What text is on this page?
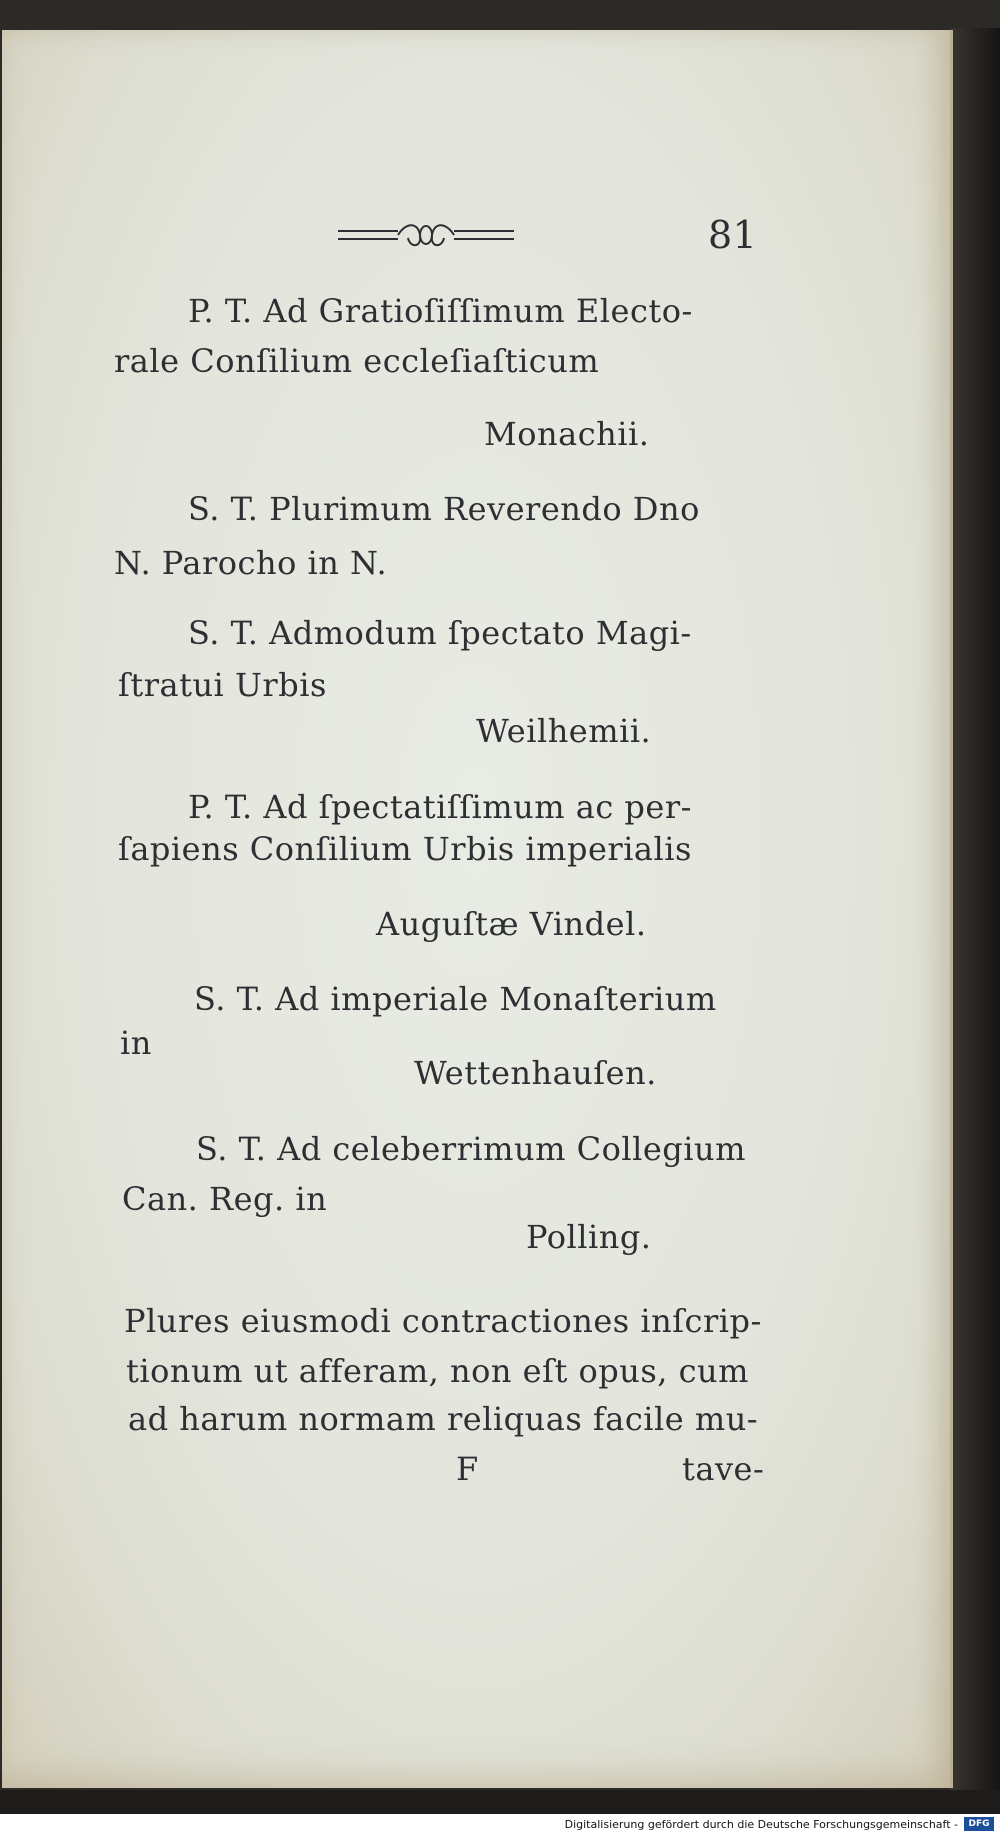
81
P. T. Ad Gratioſiſſimum Electo-
rale Conſilium eccleſiaſticum
Monachii.
S. T. Plurimum Reverendo Dno
N. Parocho in N.
S. T. Admodum ſpectato Magi-
ſtratui Urbis
Weilhemii.
P. T. Ad ſpectatiſſimum ac per-
ſapiens Conſilium Urbis imperialis
Auguſtæ Vindel.
S. T. Ad imperiale Monaſterium
in
Wettenhauſen.
S. T. Ad celeberrimum Collegium
Can. Reg. in
Polling.
Plures eiusmodi contractiones inſcrip-
tionum ut afferam, non eſt opus, cum
ad harum normam reliquas facile mu-
F	tave-
Digitalisierung gefördert durch die Deutsche Forschungsgemeinschaft -	DFG
